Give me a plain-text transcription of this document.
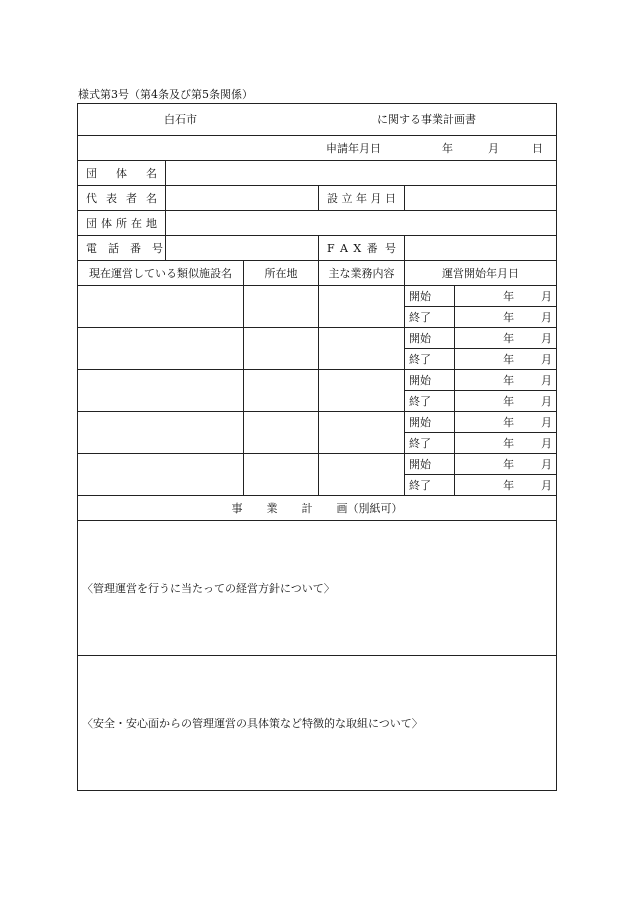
様式第3号（第4条及び第5条関係）
白石市 に関する事業計画書					

申請年月日 年 月 日					

団　体　名					
代 表 者 名			設 立 年 月 日		
団 体 所 在 地					
電　話　番　号			F A X 番 号		
現在運営している類似施設名		所在地	主な業務内容	運営開始年月日	
				開始	年 月

				終了	年 月

				開始	年 月

				終了	年 月

				開始	年 月

				終了	年 月

				開始	年 月

				終了	年 月

				開始	年 月

				終了	年 月

事 業 計 画（別紙可）					
〈管理運営を行うに当たっての経営方針について〉					
〈安全・安心面からの管理運営の具体策など特徴的な取組について〉					
